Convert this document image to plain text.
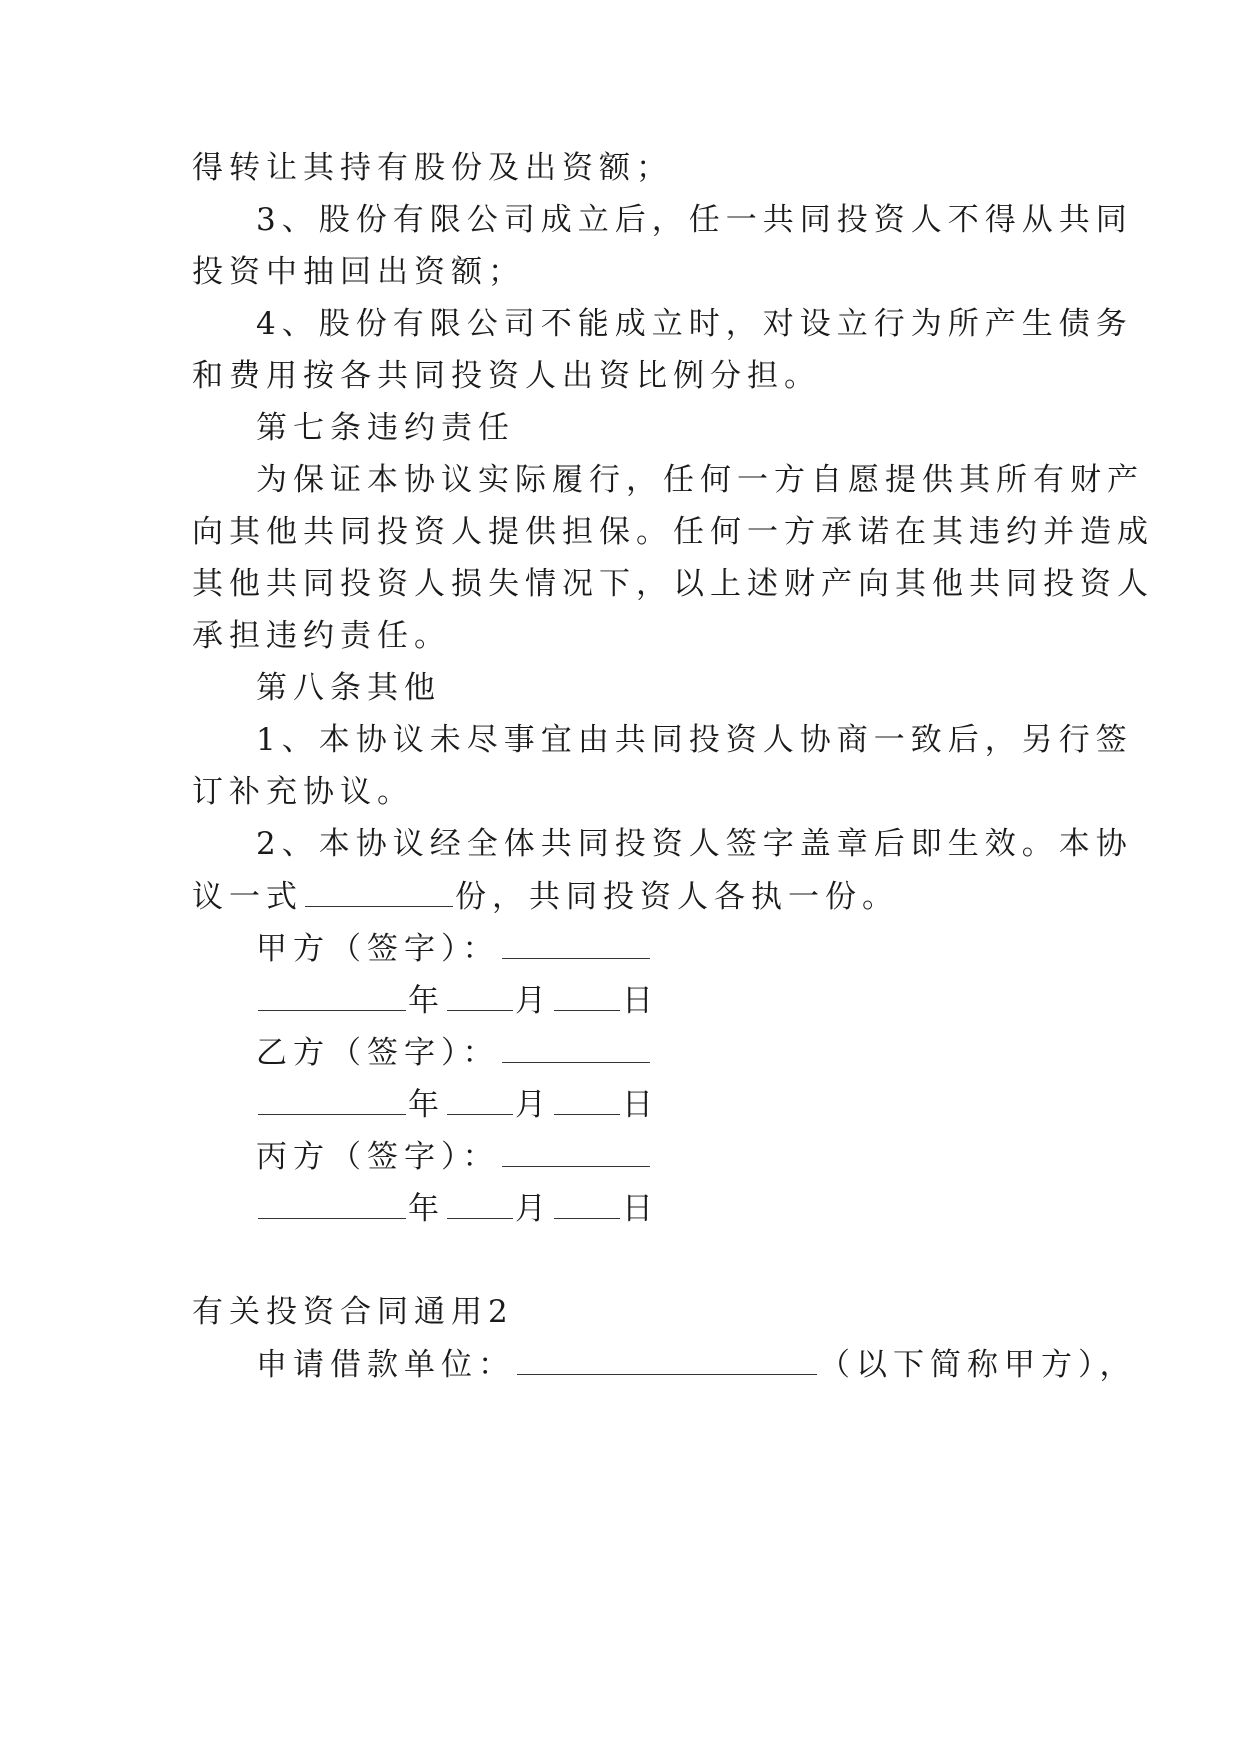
得转让其持有股份及出资额；
3、股份有限公司成立后，任一共同投资人不得从共同
投资中抽回出资额；
4、股份有限公司不能成立时，对设立行为所产生债务
和费用按各共同投资人出资比例分担。
第七条违约责任
为保证本协议实际履行，任何一方自愿提供其所有财产
向其他共同投资人提供担保。任何一方承诺在其违约并造成
其他共同投资人损失情况下，以上述财产向其他共同投资人
承担违约责任。
第八条其他
1、本协议未尽事宜由共同投资人协商一致后，另行签
订补充协议。
2、本协议经全体共同投资人签字盖章后即生效。本协
议一式	份，共同投资人各执一份。
甲方（签字）：
年 月 日
乙方（签字）：
年 月 日
丙方（签字）：
年 月 日
有关投资合同通用2
申请借款单位：	（以下简称甲方），
